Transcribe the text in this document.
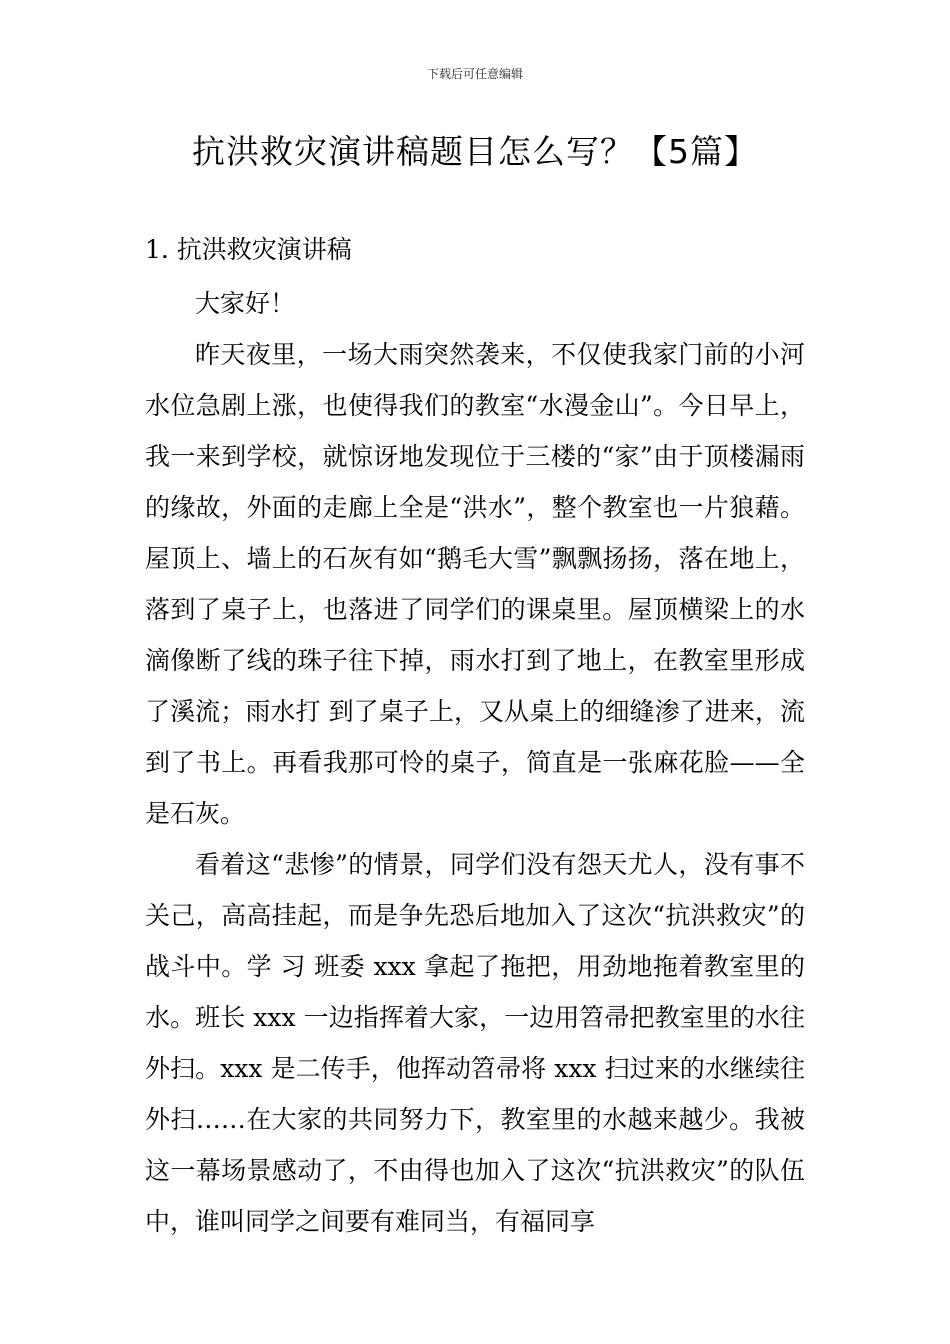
下载后可任意编辑
抗洪救灾演讲稿题目怎么写？【5篇】
1. 抗洪救灾演讲稿

大家好！

昨天夜里，一场大雨突然袭来，不仅使我家门前的小河水位急剧上涨，也使得我们的教室“水漫金山”。今日早上，我一来到学校，就惊讶地发现位于三楼的“家”由于顶楼漏雨的缘故，外面的走廊上全是“洪水”，整个教室也一片狼藉。屋顶上、墙上的石灰有如“鹅毛大雪”飘飘扬扬，落在地上，落到了桌子上，也落进了同学们的课桌里。屋顶横梁上的水滴像断了线的珠子往下掉，雨水打到了地上，在教室里形成了溪流；雨水打 到了桌子上，又从桌上的细缝渗了进来，流到了书上。再看我那可怜的桌子，简直是一张麻花脸——全是石灰。

看着这“悲惨”的情景，同学们没有怨天尤人，没有事不关己，高高挂起，而是争先恐后地加入了这次“抗洪救灾”的战斗中。学 习 班委 xxx 拿起了拖把，用劲地拖着教室里的水。班长 xxx 一边指挥着大家，一边用笤帚把教室里的水往外扫。xxx 是二传手，他挥动笤帚将 xxx 扫过来的水继续往外扫……在大家的共同努力下，教室里的水越来越少。我被这一幕场景感动了，不由得也加入了这次“抗洪救灾”的队伍中，谁叫同学之间要有难同当，有福同享
